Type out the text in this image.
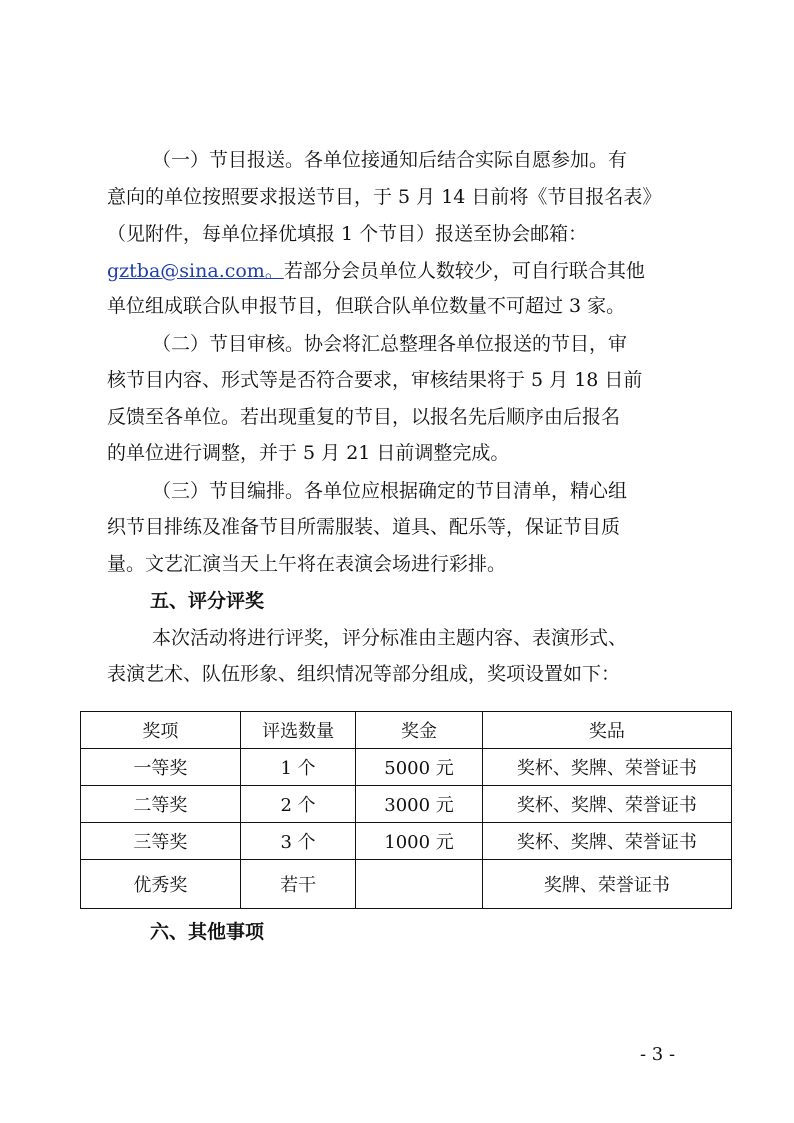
（一）节目报送。各单位接通知后结合实际自愿参加。有
意向的单位按照要求报送节目，于 5 月 14 日前将《节目报名表》
（见附件，每单位择优填报 1 个节目）报送至协会邮箱：
gztba@sina.com。若部分会员单位人数较少，可自行联合其他
单位组成联合队申报节目，但联合队单位数量不可超过 3 家。
（二）节目审核。协会将汇总整理各单位报送的节目，审
核节目内容、形式等是否符合要求，审核结果将于 5 月 18 日前
反馈至各单位。若出现重复的节目，以报名先后顺序由后报名
的单位进行调整，并于 5 月 21 日前调整完成。
（三）节目编排。各单位应根据确定的节目清单，精心组
织节目排练及准备节目所需服装、道具、配乐等，保证节目质
量。文艺汇演当天上午将在表演会场进行彩排。
五、评分评奖
本次活动将进行评奖，评分标准由主题内容、表演形式、
表演艺术、队伍形象、组织情况等部分组成，奖项设置如下：
奖项	评选数量	奖金	奖品
一等奖	1 个	5000 元	奖杯、奖牌、荣誉证书
二等奖	2 个	3000 元	奖杯、奖牌、荣誉证书
三等奖	3 个	1000 元	奖杯、奖牌、荣誉证书
优秀奖	若干		奖牌、荣誉证书
六、其他事项
- 3 -
